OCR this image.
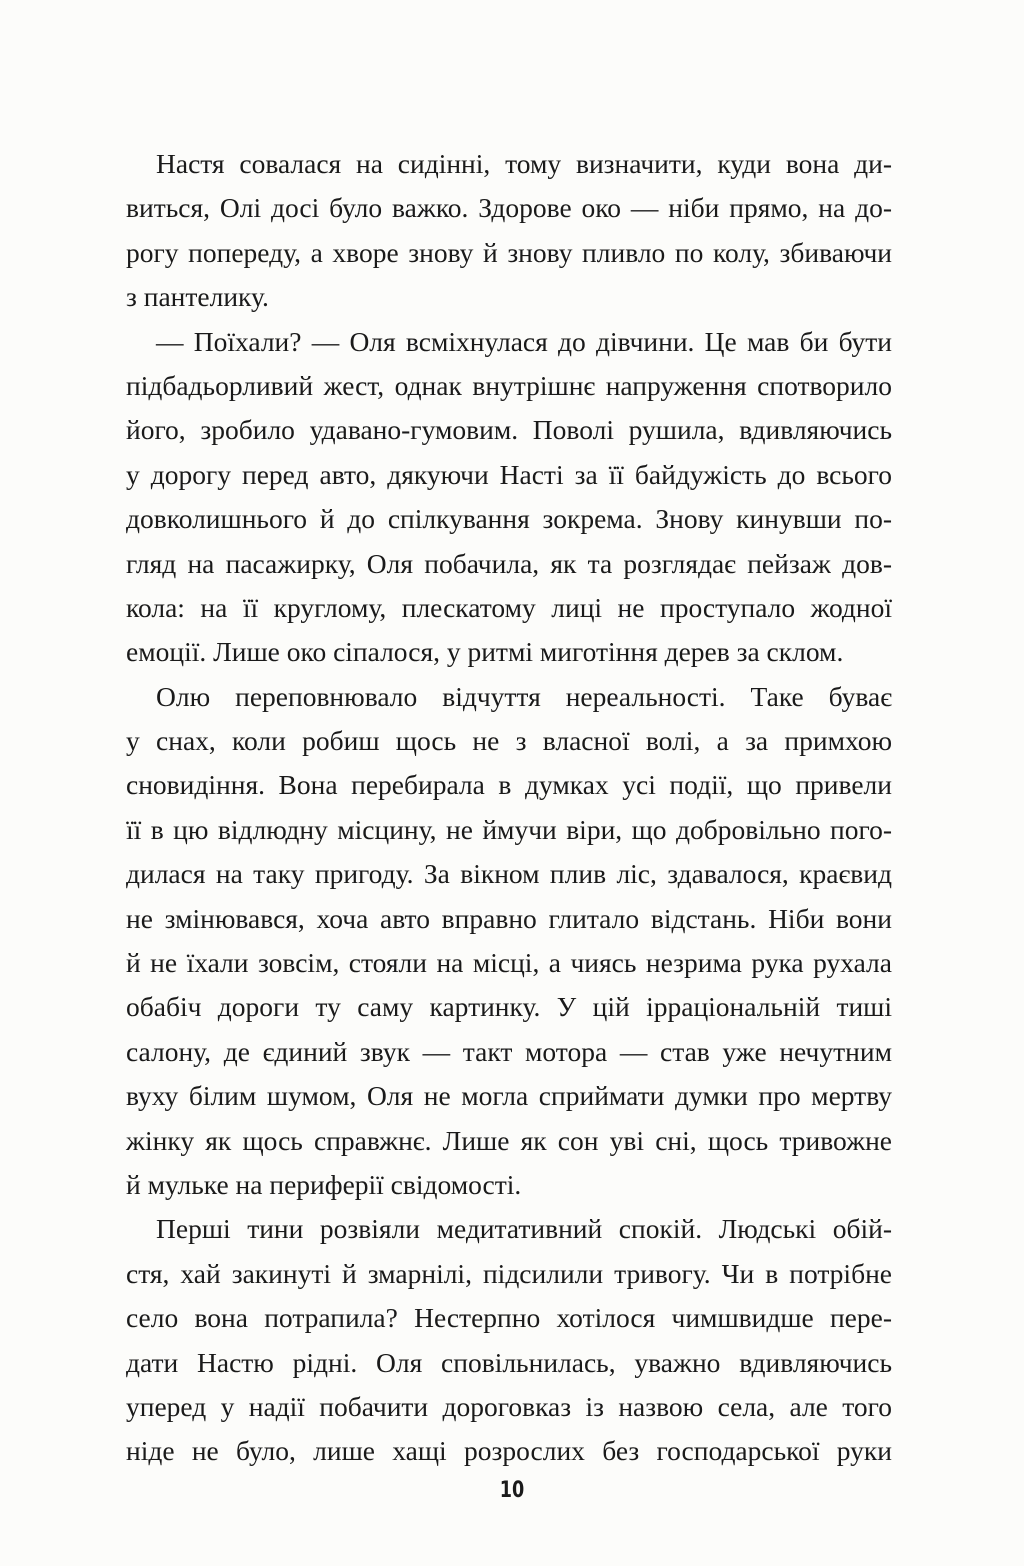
Настя совалася на сидінні, тому визначити, куди вона ди-
виться, Олі досі було важко. Здорове око — ніби прямо, на до-
рогу попереду, а хворе знову й знову пливло по колу, збиваючи
з пантелику.
— Поїхали? — Оля всміхнулася до дівчини. Це мав би бути
підбадьорливий жест, однак внутрішнє напруження спотворило
його, зробило удавано-гумовим. Поволі рушила, вдивляючись
у дорогу перед авто, дякуючи Насті за її байдужість до всього
довколишнього й до спілкування зокрема. Знову кинувши по-
гляд на пасажирку, Оля побачила, як та розглядає пейзаж дов-
кола: на її круглому, плескатому лиці не проступало жодної
емоції. Лише око сіпалося, у ритмі миготіння дерев за склом.
Олю переповнювало відчуття нереальності. Таке буває
у снах, коли робиш щось не з власної волі, а за примхою
сновидіння. Вона перебирала в думках усі події, що привели
її в цю відлюдну місцину, не ймучи віри, що добровільно пого-
дилася на таку пригоду. За вікном плив ліс, здавалося, краєвид
не змінювався, хоча авто вправно глитало відстань. Ніби вони
й не їхали зовсім, стояли на місці, а чиясь незрима рука рухала
обабіч дороги ту саму картинку. У цій ірраціональній тиші
салону, де єдиний звук — такт мотора — став уже нечутним
вуху білим шумом, Оля не могла сприймати думки про мертву
жінку як щось справжнє. Лише як сон уві сні, щось тривожне
й мульке на периферії свідомості.
Перші тини розвіяли медитативний спокій. Людські обій-
стя, хай закинуті й змарнілі, підсилили тривогу. Чи в потрібне
село вона потрапила? Нестерпно хотілося чимшвидше пере-
дати Настю рідні. Оля сповільнилась, уважно вдивляючись
уперед у надії побачити дороговказ із назвою села, але того
ніде не було, лише хащі розрослих без господарської руки
10
